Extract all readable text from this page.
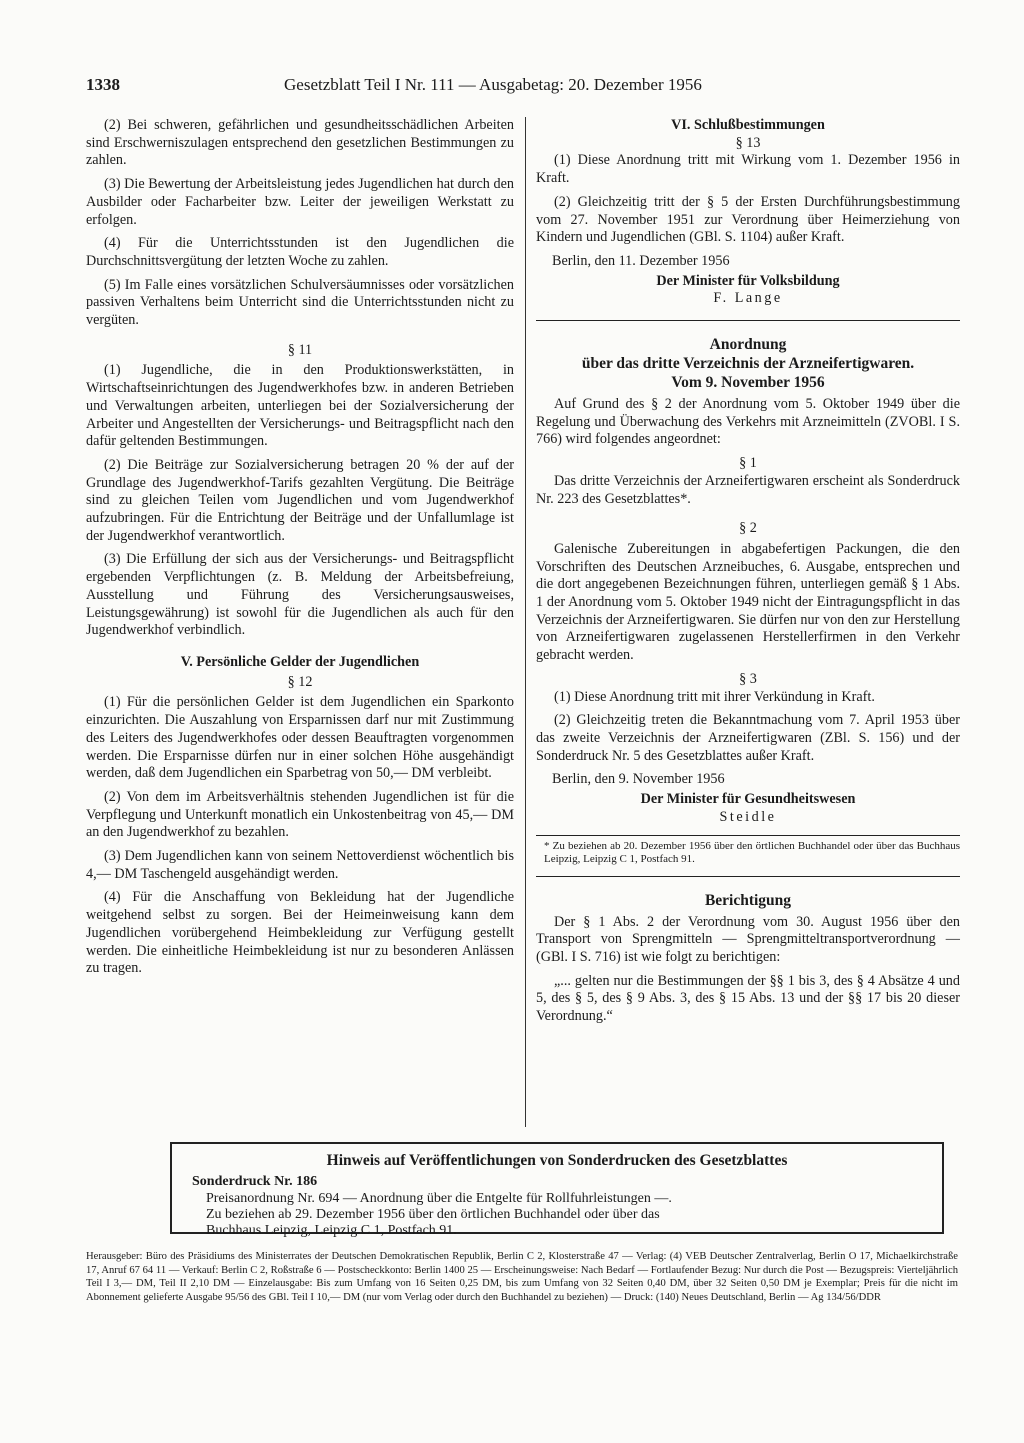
1338	Gesetzblatt Teil I Nr. 111 — Ausgabetag: 20. Dezember 1956

(2) Bei schweren, gefährlichen und gesundheitsschädlichen Arbeiten sind Erschwerniszulagen entsprechend den gesetzlichen Bestimmungen zu zahlen.

(3) Die Bewertung der Arbeitsleistung jedes Jugendlichen hat durch den Ausbilder oder Facharbeiter bzw. Leiter der jeweiligen Werkstatt zu erfolgen.

(4) Für die Unterrichtsstunden ist den Jugendlichen die Durchschnittsvergütung der letzten Woche zu zahlen.

(5) Im Falle eines vorsätzlichen Schulversäumnisses oder vorsätzlichen passiven Verhaltens beim Unterricht sind die Unterrichtsstunden nicht zu vergüten.

§ 11

(1) Jugendliche, die in den Produktionswerkstätten, in Wirtschaftseinrichtungen des Jugendwerkhofes bzw. in anderen Betrieben und Verwaltungen arbeiten, unterliegen bei der Sozialversicherung der Arbeiter und Angestellten der Versicherungs- und Beitragspflicht nach den dafür geltenden Bestimmungen.

(2) Die Beiträge zur Sozialversicherung betragen 20 % der auf der Grundlage des Jugendwerkhof-Tarifs gezahlten Vergütung. Die Beiträge sind zu gleichen Teilen vom Jugendlichen und vom Jugendwerkhof aufzubringen. Für die Entrichtung der Beiträge und der Unfallumlage ist der Jugendwerkhof verantwortlich.

(3) Die Erfüllung der sich aus der Versicherungs- und Beitragspflicht ergebenden Verpflichtungen (z. B. Meldung der Arbeitsbefreiung, Ausstellung und Führung des Versicherungsausweises, Leistungsgewährung) ist sowohl für die Jugendlichen als auch für den Jugendwerkhof verbindlich.

V. Persönliche Gelder der Jugendlichen
§ 12

(1) Für die persönlichen Gelder ist dem Jugendlichen ein Sparkonto einzurichten. Die Auszahlung von Ersparnissen darf nur mit Zustimmung des Leiters des Jugendwerkhofes oder dessen Beauftragten vorgenommen werden. Die Ersparnisse dürfen nur in einer solchen Höhe ausgehändigt werden, daß dem Jugendlichen ein Sparbetrag von 50,— DM verbleibt.

(2) Von dem im Arbeitsverhältnis stehenden Jugendlichen ist für die Verpflegung und Unterkunft monatlich ein Unkostenbeitrag von 45,— DM an den Jugendwerkhof zu bezahlen.

(3) Dem Jugendlichen kann von seinem Nettoverdienst wöchentlich bis 4,— DM Taschengeld ausgehändigt werden.

(4) Für die Anschaffung von Bekleidung hat der Jugendliche weitgehend selbst zu sorgen. Bei der Heimeinweisung kann dem Jugendlichen vorübergehend Heimbekleidung zur Verfügung gestellt werden. Die einheitliche Heimbekleidung ist nur zu besonderen Anlässen zu tragen.

VI. Schlußbestimmungen
§ 13

(1) Diese Anordnung tritt mit Wirkung vom 1. Dezember 1956 in Kraft.

(2) Gleichzeitig tritt der § 5 der Ersten Durchführungsbestimmung vom 27. November 1951 zur Verordnung über Heimerziehung von Kindern und Jugendlichen (GBl. S. 1104) außer Kraft.

Berlin, den 11. Dezember 1956

Der Minister für Volksbildung
F. Lange
Anordnung
über das dritte Verzeichnis der Arzneifertigwaren.
Vom 9. November 1956

Auf Grund des § 2 der Anordnung vom 5. Oktober 1949 über die Regelung und Überwachung des Verkehrs mit Arzneimitteln (ZVOBl. I S. 766) wird folgendes angeordnet:

§ 1

Das dritte Verzeichnis der Arzneifertigwaren erscheint als Sonderdruck Nr. 223 des Gesetzblattes*.

§ 2

Galenische Zubereitungen in abgabefertigen Packungen, die den Vorschriften des Deutschen Arzneibuches, 6. Ausgabe, entsprechen und die dort angegebenen Bezeichnungen führen, unterliegen gemäß § 1 Abs. 1 der Anordnung vom 5. Oktober 1949 nicht der Eintragungspflicht in das Verzeichnis der Arzneifertigwaren. Sie dürfen nur von den zur Herstellung von Arzneifertigwaren zugelassenen Herstellerfirmen in den Verkehr gebracht werden.

§ 3

(1) Diese Anordnung tritt mit ihrer Verkündung in Kraft.

(2) Gleichzeitig treten die Bekanntmachung vom 7. April 1953 über das zweite Verzeichnis der Arzneifertigwaren (ZBl. S. 156) und der Sonderdruck Nr. 5 des Gesetzblattes außer Kraft.

Berlin, den 9. November 1956

Der Minister für Gesundheitswesen
Steidle

* Zu beziehen ab 20. Dezember 1956 über den örtlichen Buchhandel oder über das Buchhaus Leipzig, Leipzig C 1, Postfach 91.

Berichtigung

Der § 1 Abs. 2 der Verordnung vom 30. August 1956 über den Transport von Sprengmitteln — Sprengmitteltransportverordnung — (GBl. I S. 716) ist wie folgt zu berichtigen:

„... gelten nur die Bestimmungen der §§ 1 bis 3, des § 4 Absätze 4 und 5, des § 5, des § 9 Abs. 3, des § 15 Abs. 13 und der §§ 17 bis 20 dieser Verordnung.“

Hinweis auf Veröffentlichungen von Sonderdrucken des Gesetzblattes
Sonderdruck Nr. 186
Preisanordnung Nr. 694 — Anordnung über die Entgelte für Rollfuhrleistungen —.
Zu beziehen ab 29. Dezember 1956 über den örtlichen Buchhandel oder über das
Buchhaus Leipzig, Leipzig C 1, Postfach 91.
Herausgeber: Büro des Präsidiums des Ministerrates der Deutschen Demokratischen Republik, Berlin C 2, Klosterstraße 47 — Verlag: (4) VEB Deutscher Zentralverlag, Berlin O 17, Michaelkirchstraße 17, Anruf 67 64 11 — Verkauf: Berlin C 2, Roßstraße 6 — Postscheckkonto: Berlin 1400 25 — Erscheinungsweise: Nach Bedarf — Fortlaufender Bezug: Nur durch die Post — Bezugspreis: Vierteljährlich Teil I 3,— DM, Teil II 2,10 DM — Einzelausgabe: Bis zum Umfang von 16 Seiten 0,25 DM, bis zum Umfang von 32 Seiten 0,40 DM, über 32 Seiten 0,50 DM je Exemplar; Preis für die nicht im Abonnement gelieferte Ausgabe 95/56 des GBl. Teil I 10,— DM (nur vom Verlag oder durch den Buchhandel zu beziehen) — Druck: (140) Neues Deutschland, Berlin — Ag 134/56/DDR
